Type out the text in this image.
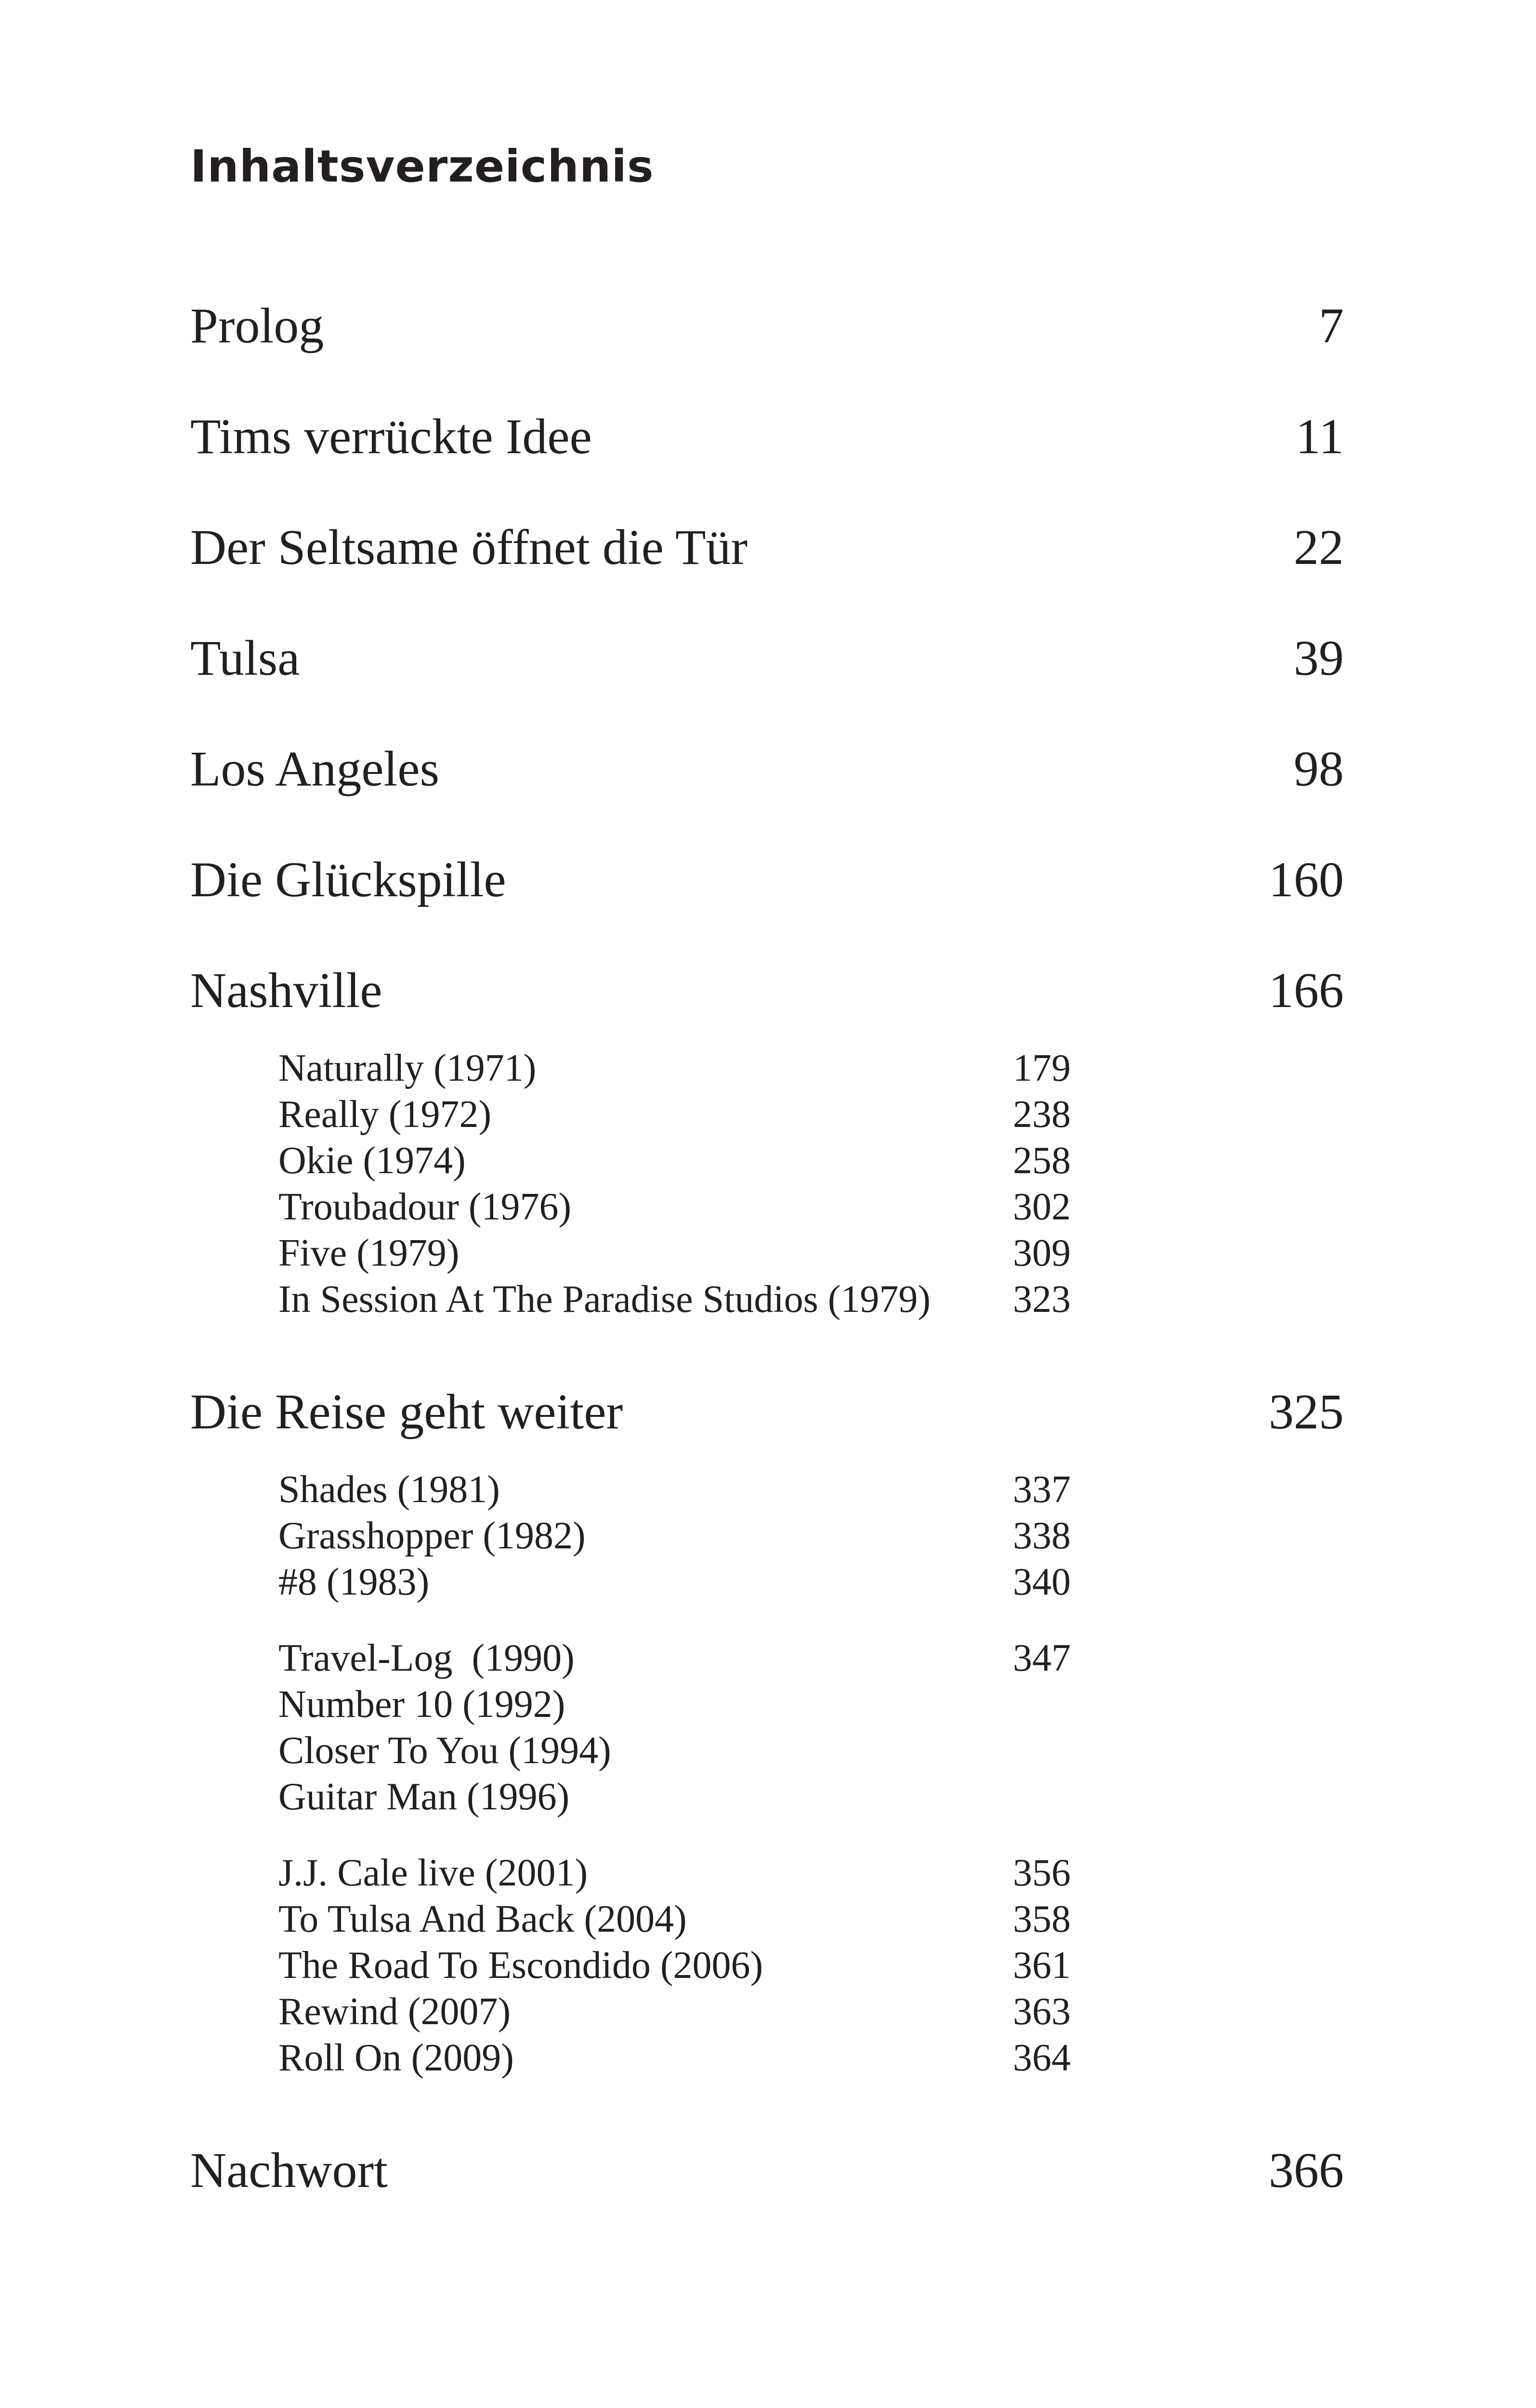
Inhaltsverzeichnis
Prolog	7
Tims verrückte Idee	11
Der Seltsame öffnet die Tür	22
Tulsa	39
Los Angeles	98
Die Glückspille	160
Nashville	166
Naturally (1971)	179
Really (1972)	238
Okie (1974)	258
Troubadour (1976)	302
Five (1979)	309
In Session At The Paradise Studios (1979) 323
Die Reise geht weiter	325
Shades (1981)	337
Grasshopper (1982)	338
#8 (1983)	340
Travel-Log  (1990)	347
Number 10 (1992)
Closer To You (1994)
Guitar Man (1996)
J.J. Cale live (2001)	356
To Tulsa And Back (2004)	358
The Road To Escondido (2006)	361
Rewind (2007)	363
Roll On (2009)	364
Nachwort	366
